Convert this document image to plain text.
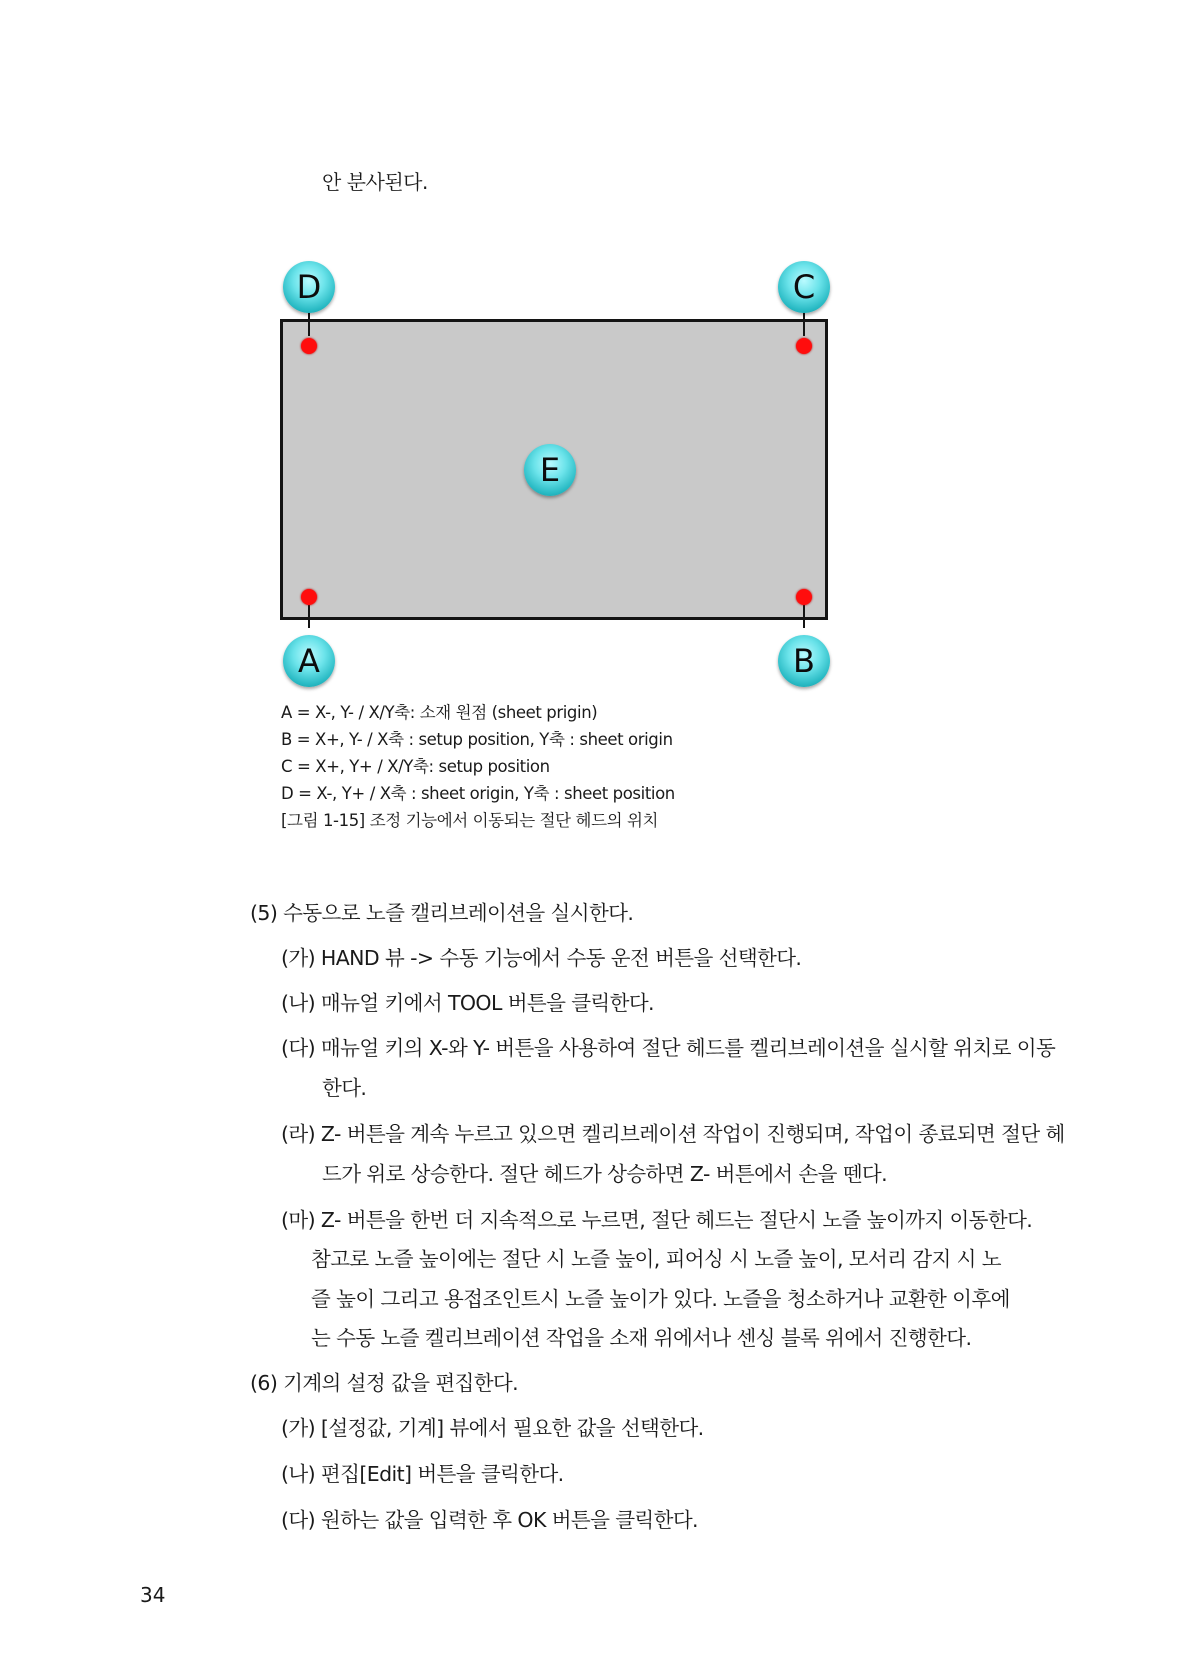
안 분사된다.
D	C
E
A	B
A = X-, Y- / X/Y축: 소재 원점 (sheet prigin)
B = X+, Y- / X축 : setup position, Y축 : sheet origin
C = X+, Y+ / X/Y축: setup position
D = X-, Y+ / X축 : sheet origin, Y축 : sheet position
[그림 1-15] 조정 기능에서 이동되는 절단 헤드의 위치
(5) 수동으로 노즐 캘리브레이션을 실시한다.
(가) HAND 뷰 -> 수동 기능에서 수동 운전 버튼을 선택한다.
(나) 매뉴얼 키에서 TOOL 버튼을 클릭한다.
(다) 매뉴얼 키의 X-와 Y- 버튼을 사용하여 절단 헤드를 켈리브레이션을 실시할 위치로 이동
한다.
(라) Z- 버튼을 계속 누르고 있으면 켈리브레이션 작업이 진행되며, 작업이 종료되면 절단 헤
드가 위로 상승한다. 절단 헤드가 상승하면 Z- 버튼에서 손을 뗀다.
(마) Z- 버튼을 한번 더 지속적으로 누르면, 절단 헤드는 절단시 노즐 높이까지 이동한다.
참고로 노즐 높이에는 절단 시 노즐 높이, 피어싱 시 노즐 높이, 모서리 감지 시 노
즐 높이 그리고 용접조인트시 노즐 높이가 있다. 노즐을 청소하거나 교환한 이후에
는 수동 노즐 켈리브레이션 작업을 소재 위에서나 센싱 블록 위에서 진행한다.
(6) 기계의 설정 값을 편집한다.
(가) [설정값, 기계] 뷰에서 필요한 값을 선택한다.
(나) 편집[Edit] 버튼을 클릭한다.
(다) 원하는 값을 입력한 후 OK 버튼을 클릭한다.
34
